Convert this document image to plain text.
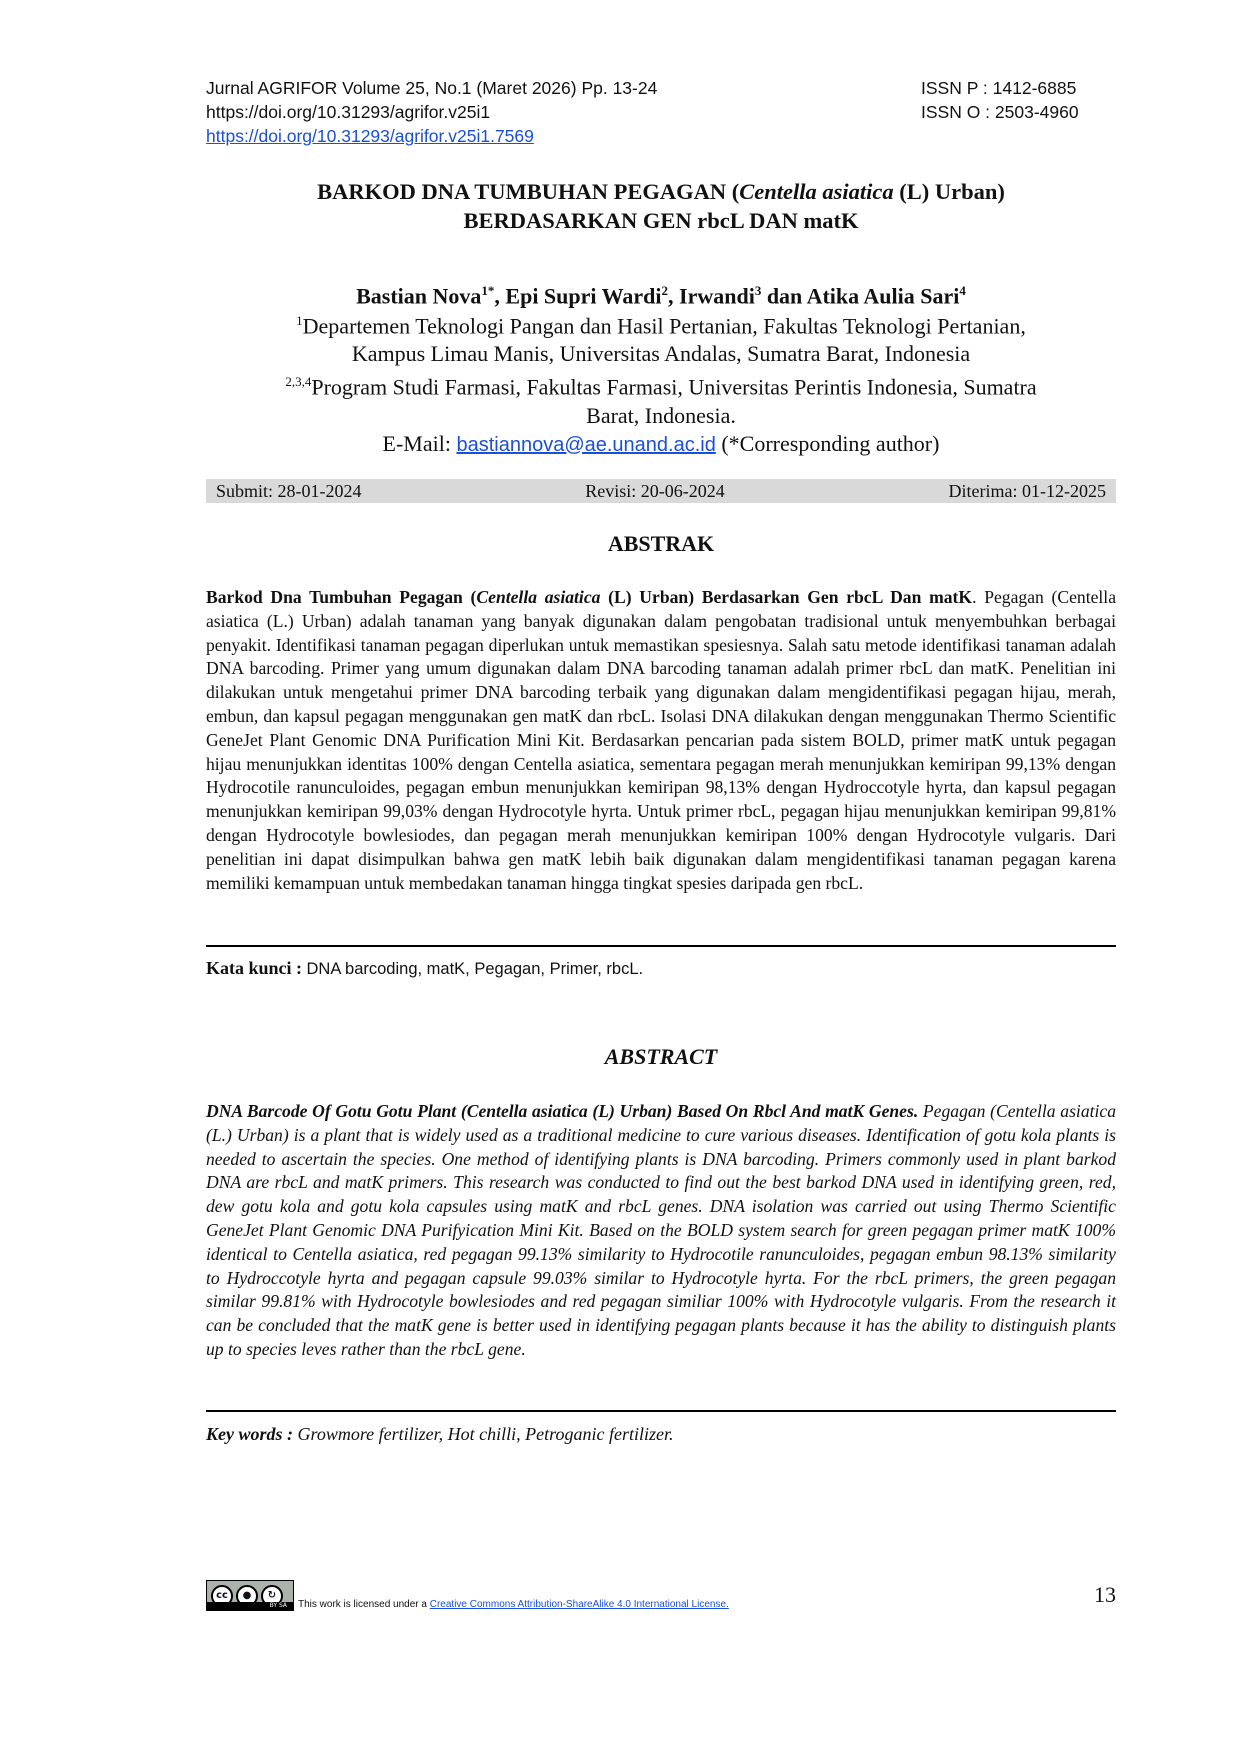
Jurnal AGRIFOR Volume 25, No.1 (Maret 2026) Pp. 13-24	ISSN P : 1412-6885
https://doi.org/10.31293/agrifor.v25i1	ISSN O : 2503-4960
https://doi.org/10.31293/agrifor.v25i1.7569
BARKOD DNA TUMBUHAN PEGAGAN (Centella asiatica (L) Urban)
BERDASARKAN GEN rbcL DAN matK
Bastian Nova$^{1*}$, Epi Supri Wardi$^2$, Irwandi$^3$ dan Atika Aulia Sari$^4$

$^1$Departemen Teknologi Pangan dan Hasil Pertanian, Fakultas Teknologi Pertanian,

Kampus Limau Manis, Universitas Andalas, Sumatra Barat, Indonesia

$^{2,3,4}$Program Studi Farmasi, Fakultas Farmasi, Universitas Perintis Indonesia, Sumatra

Barat, Indonesia.

E-Mail: bastiannova@ae.unand.ac.id (*Corresponding author)

Submit: 28-01-2024	Revisi: 20-06-2024	Diterima: 01-12-2025
ABSTRAK

Barkod Dna Tumbuhan Pegagan (Centella asiatica (L) Urban) Berdasarkan Gen rbcL Dan matK. Pegagan (Centella asiatica (L.) Urban) adalah tanaman yang banyak digunakan dalam pengobatan tradisional untuk menyembuhkan berbagai penyakit. Identifikasi tanaman pegagan diperlukan untuk memastikan spesiesnya. Salah satu metode identifikasi tanaman adalah DNA barcoding. Primer yang umum digunakan dalam DNA barcoding tanaman adalah primer rbcL dan matK. Penelitian ini dilakukan untuk mengetahui primer DNA barcoding terbaik yang digunakan dalam mengidentifikasi pegagan hijau, merah, embun, dan kapsul pegagan menggunakan gen matK dan rbcL. Isolasi DNA dilakukan dengan menggunakan Thermo Scientific GeneJet Plant Genomic DNA Purification Mini Kit. Berdasarkan pencarian pada sistem BOLD, primer matK untuk pegagan hijau menunjukkan identitas 100% dengan Centella asiatica, sementara pegagan merah menunjukkan kemiripan 99,13% dengan Hydrocotile ranunculoides, pegagan embun menunjukkan kemiripan 98,13% dengan Hydroccotyle hyrta, dan kapsul pegagan menunjukkan kemiripan 99,03% dengan Hydrocotyle hyrta. Untuk primer rbcL, pegagan hijau menunjukkan kemiripan 99,81% dengan Hydrocotyle bowlesiodes, dan pegagan merah menunjukkan kemiripan 100% dengan Hydrocotyle vulgaris. Dari penelitian ini dapat disimpulkan bahwa gen matK lebih baik digunakan dalam mengidentifikasi tanaman pegagan karena memiliki kemampuan untuk membedakan tanaman hingga tingkat spesies daripada gen rbcL.

Kata kunci : DNA barcoding, matK, Pegagan, Primer, rbcL.
ABSTRACT

DNA Barcode Of Gotu Gotu Plant (Centella asiatica (L) Urban) Based On Rbcl And matK Genes. Pegagan (Centella asiatica (L.) Urban) is a plant that is widely used as a traditional medicine to cure various diseases. Identification of gotu kola plants is needed to ascertain the species. One method of identifying plants is DNA barcoding. Primers commonly used in plant barkod DNA are rbcL and matK primers. This research was conducted to find out the best barkod DNA used in identifying green, red, dew gotu kola and gotu kola capsules using matK and rbcL genes. DNA isolation was carried out using Thermo Scientific GeneJet Plant Genomic DNA Purifyication Mini Kit. Based on the BOLD system search for green pegagan primer matK 100% identical to Centella asiatica, red pegagan 99.13% similarity to Hydrocotile ranunculoides, pegagan embun 98.13% similarity to Hydroccotyle hyrta and pegagan capsule 99.03% similar to Hydrocotyle hyrta. For the rbcL primers, the green pegagan similar 99.81% with Hydrocotyle bowlesiodes and red pegagan similiar 100% with Hydrocotyle vulgaris. From the research it can be concluded that the matK gene is better used in identifying pegagan plants because it has the ability to distinguish plants up to species leves rather than the rbcL gene.

Key words : Growmore fertilizer, Hot chilli, Petroganic fertilizer.
cc	●	↻
BY SA	This work is licensed under a Creative Commons Attribution-ShareAlike 4.0 International License.	13
